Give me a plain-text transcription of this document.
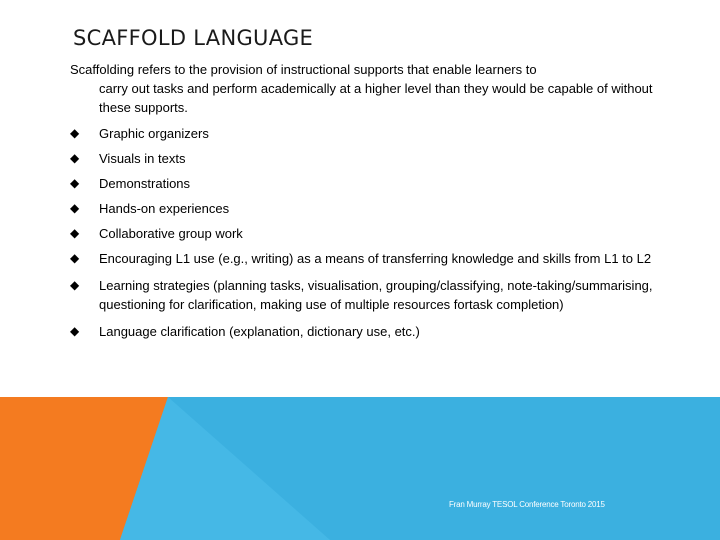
SCAFFOLD LANGUAGE
Scaffolding refers to the provision of instructional supports that enable learners to
carry out tasks and perform academically at a higher level than they would be capable of without these supports.
◆	Graphic organizers
◆	Visuals in texts
◆	Demonstrations
◆	Hands-on experiences
◆	Collaborative group work
◆	Encouraging L1 use (e.g., writing) as a means of transferring knowledge and skills from L1 to L2
◆	Learning strategies (planning tasks, visualisation, grouping/classifying, note-taking/summarising, questioning for clarification, making use of multiple resources fortask completion)
◆	Language clarification (explanation, dictionary use, etc.)
Fran Murray TESOL Conference Toronto 2015
